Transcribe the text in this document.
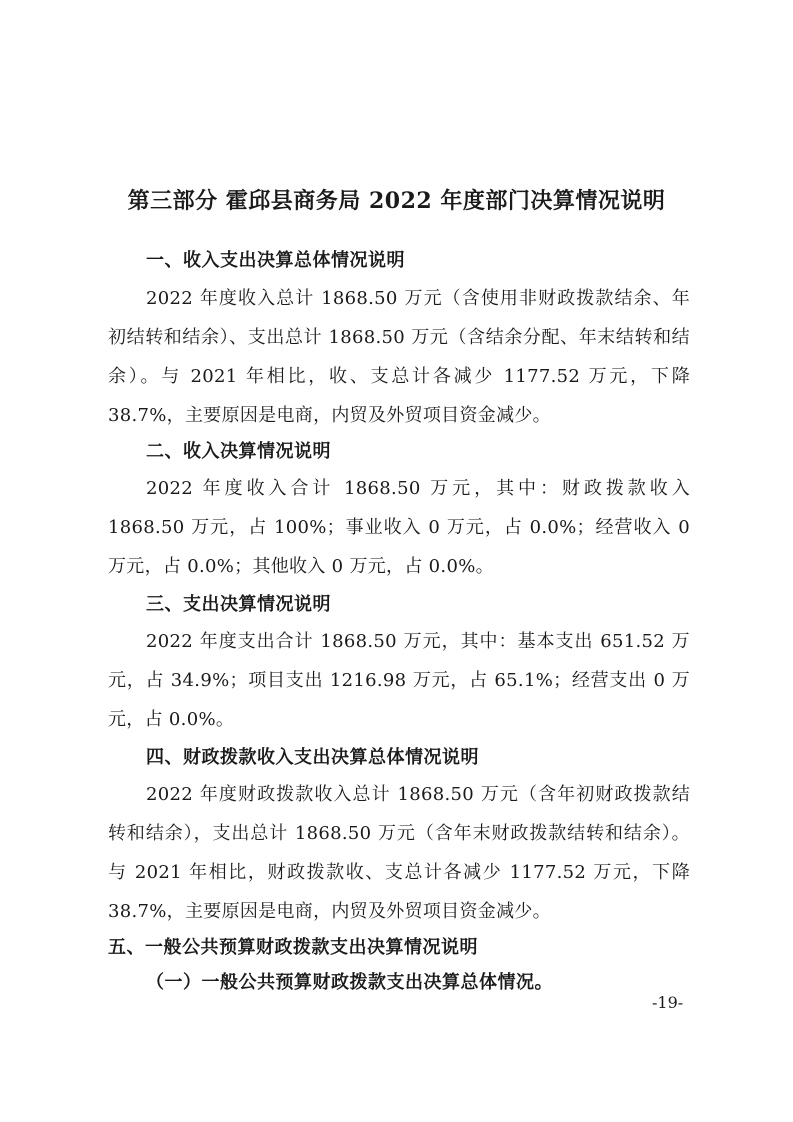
第三部分 霍邱县商务局 2022 年度部门决算情况说明
一、收入支出决算总体情况说明
2022 年度收入总计 1868.50 万元（含使用非财政拨款结余、年初结转和结余）、支出总计 1868.50 万元（含结余分配、年末结转和结余）。与 2021 年相比，收、支总计各减少 1177.52 万元，下降 38.7%，主要原因是电商，内贸及外贸项目资金减少。
二、收入决算情况说明
2022 年度收入合计 1868.50 万元，其中：财政拨款收入 1868.50 万元，占 100%；事业收入 0 万元，占 0.0%；经营收入 0 万元，占 0.0%；其他收入 0 万元，占 0.0%。
三、支出决算情况说明
2022 年度支出合计 1868.50 万元，其中：基本支出 651.52 万元，占 34.9%；项目支出 1216.98 万元，占 65.1%；经营支出 0 万元，占 0.0%。
四、财政拨款收入支出决算总体情况说明
2022 年度财政拨款收入总计 1868.50 万元（含年初财政拨款结转和结余），支出总计 1868.50 万元（含年末财政拨款结转和结余）。与 2021 年相比，财政拨款收、支总计各减少 1177.52 万元，下降 38.7%，主要原因是电商，内贸及外贸项目资金减少。
五、一般公共预算财政拨款支出决算情况说明
（一）一般公共预算财政拨款支出决算总体情况。
-19-
